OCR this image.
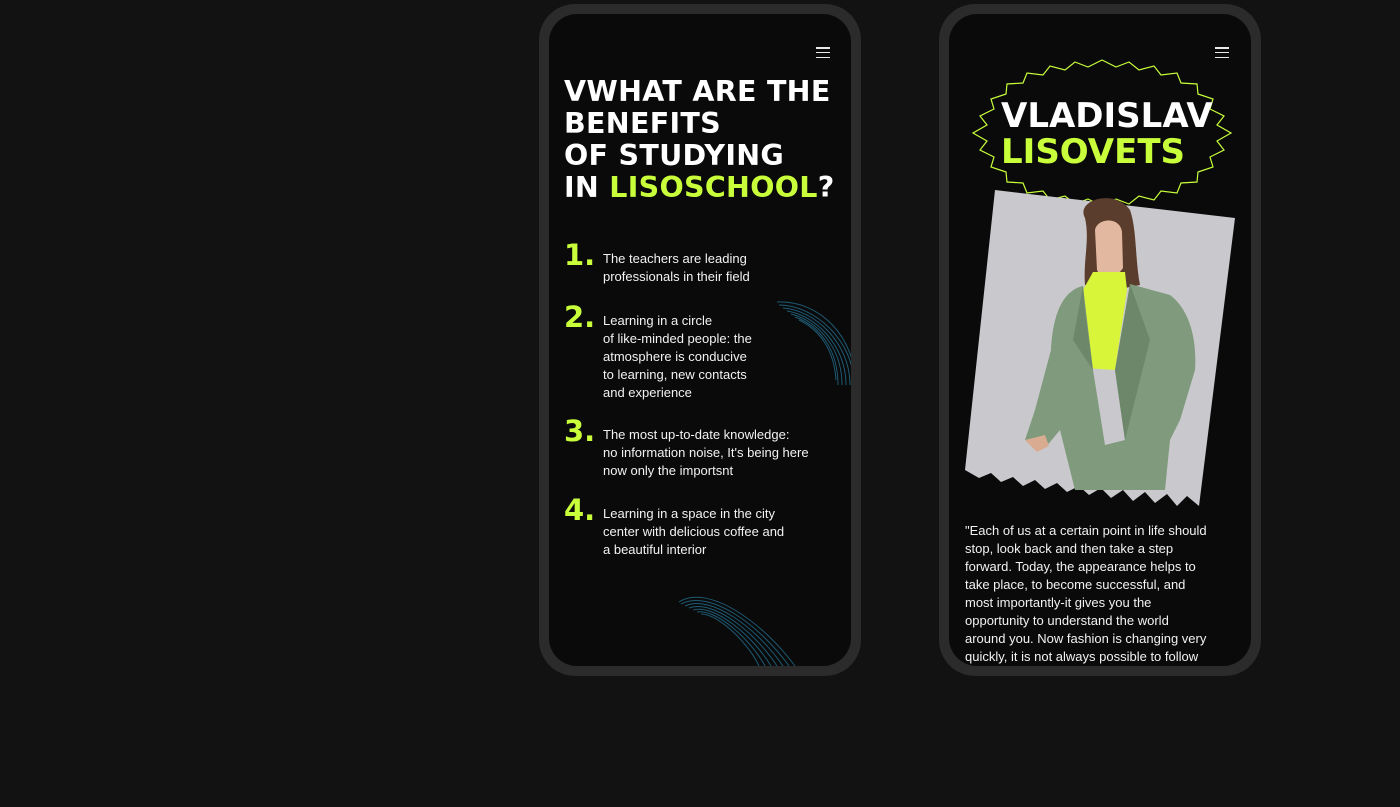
VWHAT ARE THE
BENEFITS
OF STUDYING
IN LISOSCHOOL?
1. The teachers are leading
professionals in their field
2. Learning in a circle
of like-minded people: the
atmosphere is conducive
to learning, new contacts
and experience
3. The most up-to-date knowledge:
no information noise, It's being here
now only the importsnt
4. Learning in a space in the city
center with delicious coffee and
a beautiful interior
VLADISLAV
LISOVETS
"Each of us at a certain point in life should
stop, look back and then take a step
forward. Today, the appearance helps to
take place, to become successful, and
most importantly-it gives you the
opportunity to understand the world
around you. Now fashion is changing very
quickly, it is not always possible to follow
